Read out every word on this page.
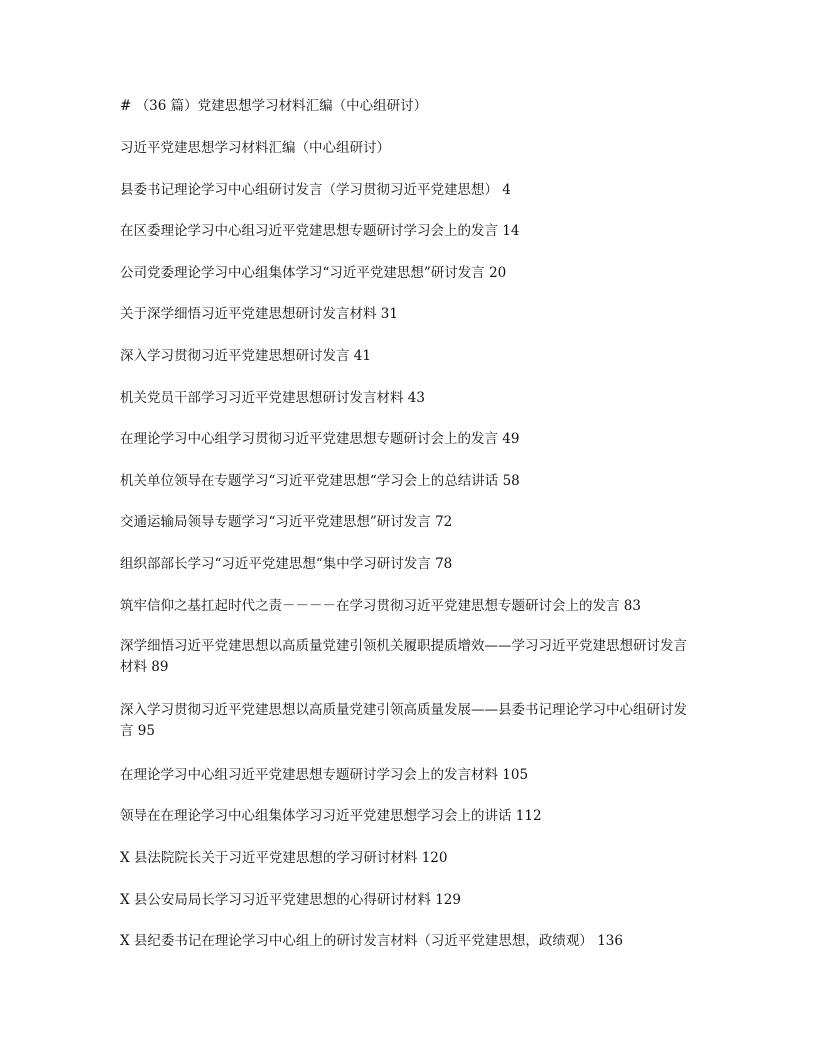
# （36 篇）党建思想学习材料汇编（中心组研讨）
习近平党建思想学习材料汇编（中心组研讨）
县委书记理论学习中心组研讨发言（学习贯彻习近平党建思想） 4
在区委理论学习中心组习近平党建思想专题研讨学习会上的发言 14
公司党委理论学习中心组集体学习“习近平党建思想”研讨发言 20
关于深学细悟习近平党建思想研讨发言材料 31
深入学习贯彻习近平党建思想研讨发言 41
机关党员干部学习习近平党建思想研讨发言材料 43
在理论学习中心组学习贯彻习近平党建思想专题研讨会上的发言 49
机关单位领导在专题学习“习近平党建思想“学习会上的总结讲话 58
交通运输局领导专题学习“习近平党建思想”研讨发言 72
组织部部长学习“习近平党建思想“集中学习研讨发言 78
筑牢信仰之基扛起时代之责－－－－在学习贯彻习近平党建思想专题研讨会上的发言 83
深学细悟习近平党建思想以高质量党建引领机关履职提质增效——学习习近平党建思想研讨发言材料 89
深入学习贯彻习近平党建思想以高质量党建引领高质量发展——县委书记理论学习中心组研讨发言 95
在理论学习中心组习近平党建思想专题研讨学习会上的发言材料 105
领导在在理论学习中心组集体学习习近平党建思想学习会上的讲话 112
X 县法院院长关于习近平党建思想的学习研讨材料 120
X 县公安局局长学习习近平党建思想的心得研讨材料 129
X 县纪委书记在理论学习中心组上的研讨发言材料（习近平党建思想，政绩观） 136
